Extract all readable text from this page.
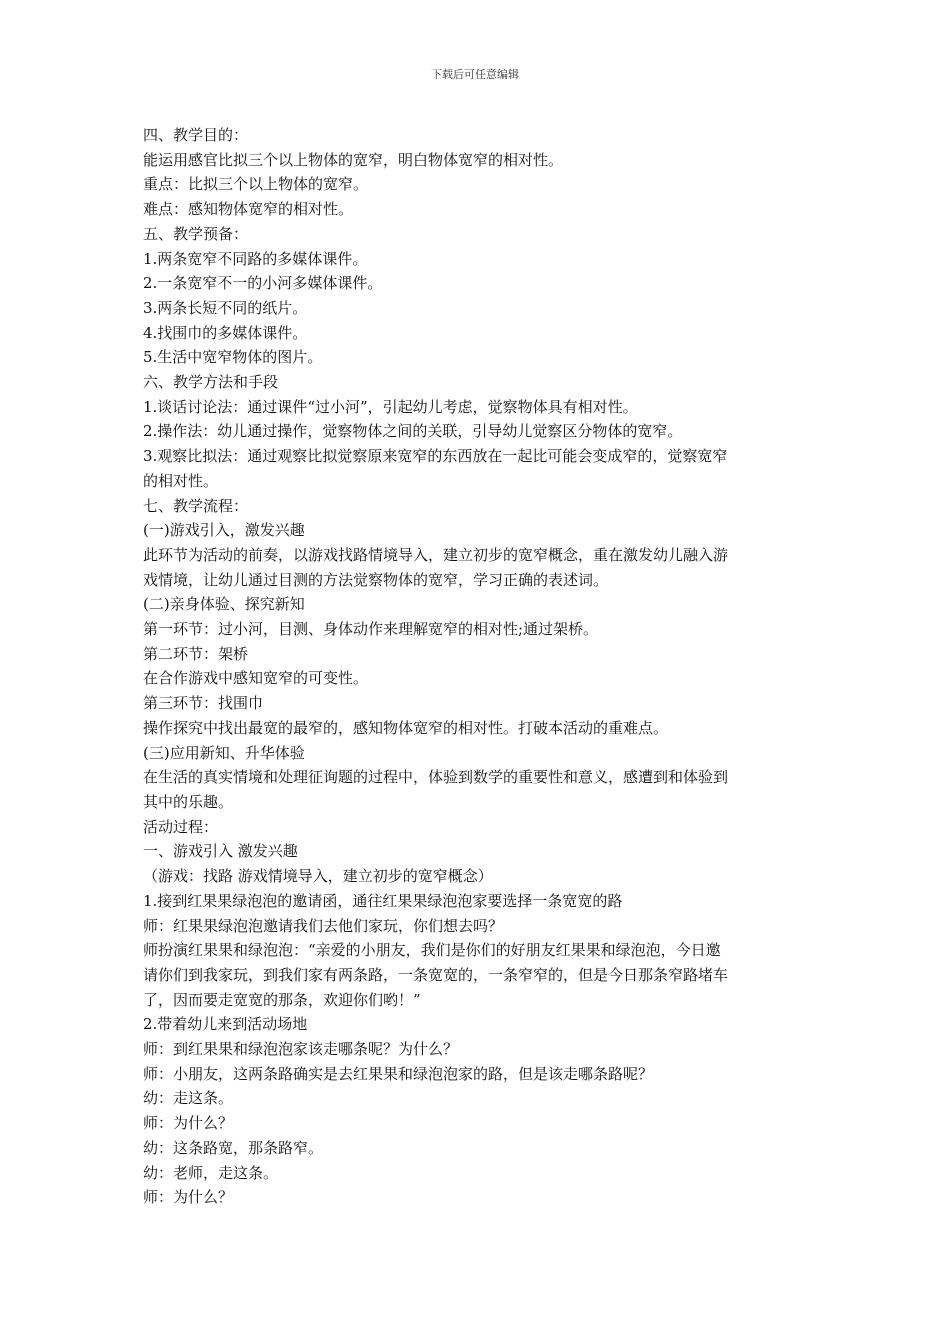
下载后可任意编辑
四、教学目的：
能运用感官比拟三个以上物体的宽窄，明白物体宽窄的相对性。
重点：比拟三个以上物体的宽窄。
难点：感知物体宽窄的相对性。
五、教学预备：
1.两条宽窄不同路的多媒体课件。
2.一条宽窄不一的小河多媒体课件。
3.两条长短不同的纸片。
4.找围巾的多媒体课件。
5.生活中宽窄物体的图片。
六、教学方法和手段
1.谈话讨论法：通过课件“过小河”，引起幼儿考虑，觉察物体具有相对性。
2.操作法：幼儿通过操作，觉察物体之间的关联，引导幼儿觉察区分物体的宽窄。
3.观察比拟法：通过观察比拟觉察原来宽窄的东西放在一起比可能会变成窄的，觉察宽窄
的相对性。
七、教学流程：
(一)游戏引入，激发兴趣
此环节为活动的前奏，以游戏找路情境导入，建立初步的宽窄概念，重在激发幼儿融入游
戏情境，让幼儿通过目测的方法觉察物体的宽窄，学习正确的表述词。
(二)亲身体验、探究新知
第一环节：过小河，目测、身体动作来理解宽窄的相对性;通过架桥。
第二环节：架桥
在合作游戏中感知宽窄的可变性。
第三环节：找围巾
操作探究中找出最宽的最窄的，感知物体宽窄的相对性。打破本活动的重难点。
(三)应用新知、升华体验
在生活的真实情境和处理征询题的过程中，体验到数学的重要性和意义，感遭到和体验到
其中的乐趣。
活动过程：
一、游戏引入 激发兴趣
（游戏：找路 游戏情境导入，建立初步的宽窄概念）
1.接到红果果绿泡泡的邀请函，通往红果果绿泡泡家要选择一条宽宽的路
师：红果果绿泡泡邀请我们去他们家玩，你们想去吗？
师扮演红果果和绿泡泡：“亲爱的小朋友，我们是你们的好朋友红果果和绿泡泡，今日邀
请你们到我家玩，到我们家有两条路，一条宽宽的，一条窄窄的，但是今日那条窄路堵车
了，因而要走宽宽的那条，欢迎你们哟！”
2.带着幼儿来到活动场地
师：到红果果和绿泡泡家该走哪条呢？为什么？
师：小朋友，这两条路确实是去红果果和绿泡泡家的路，但是该走哪条路呢？
幼：走这条。
师：为什么？
幼：这条路宽，那条路窄。
幼：老师，走这条。
师：为什么？
